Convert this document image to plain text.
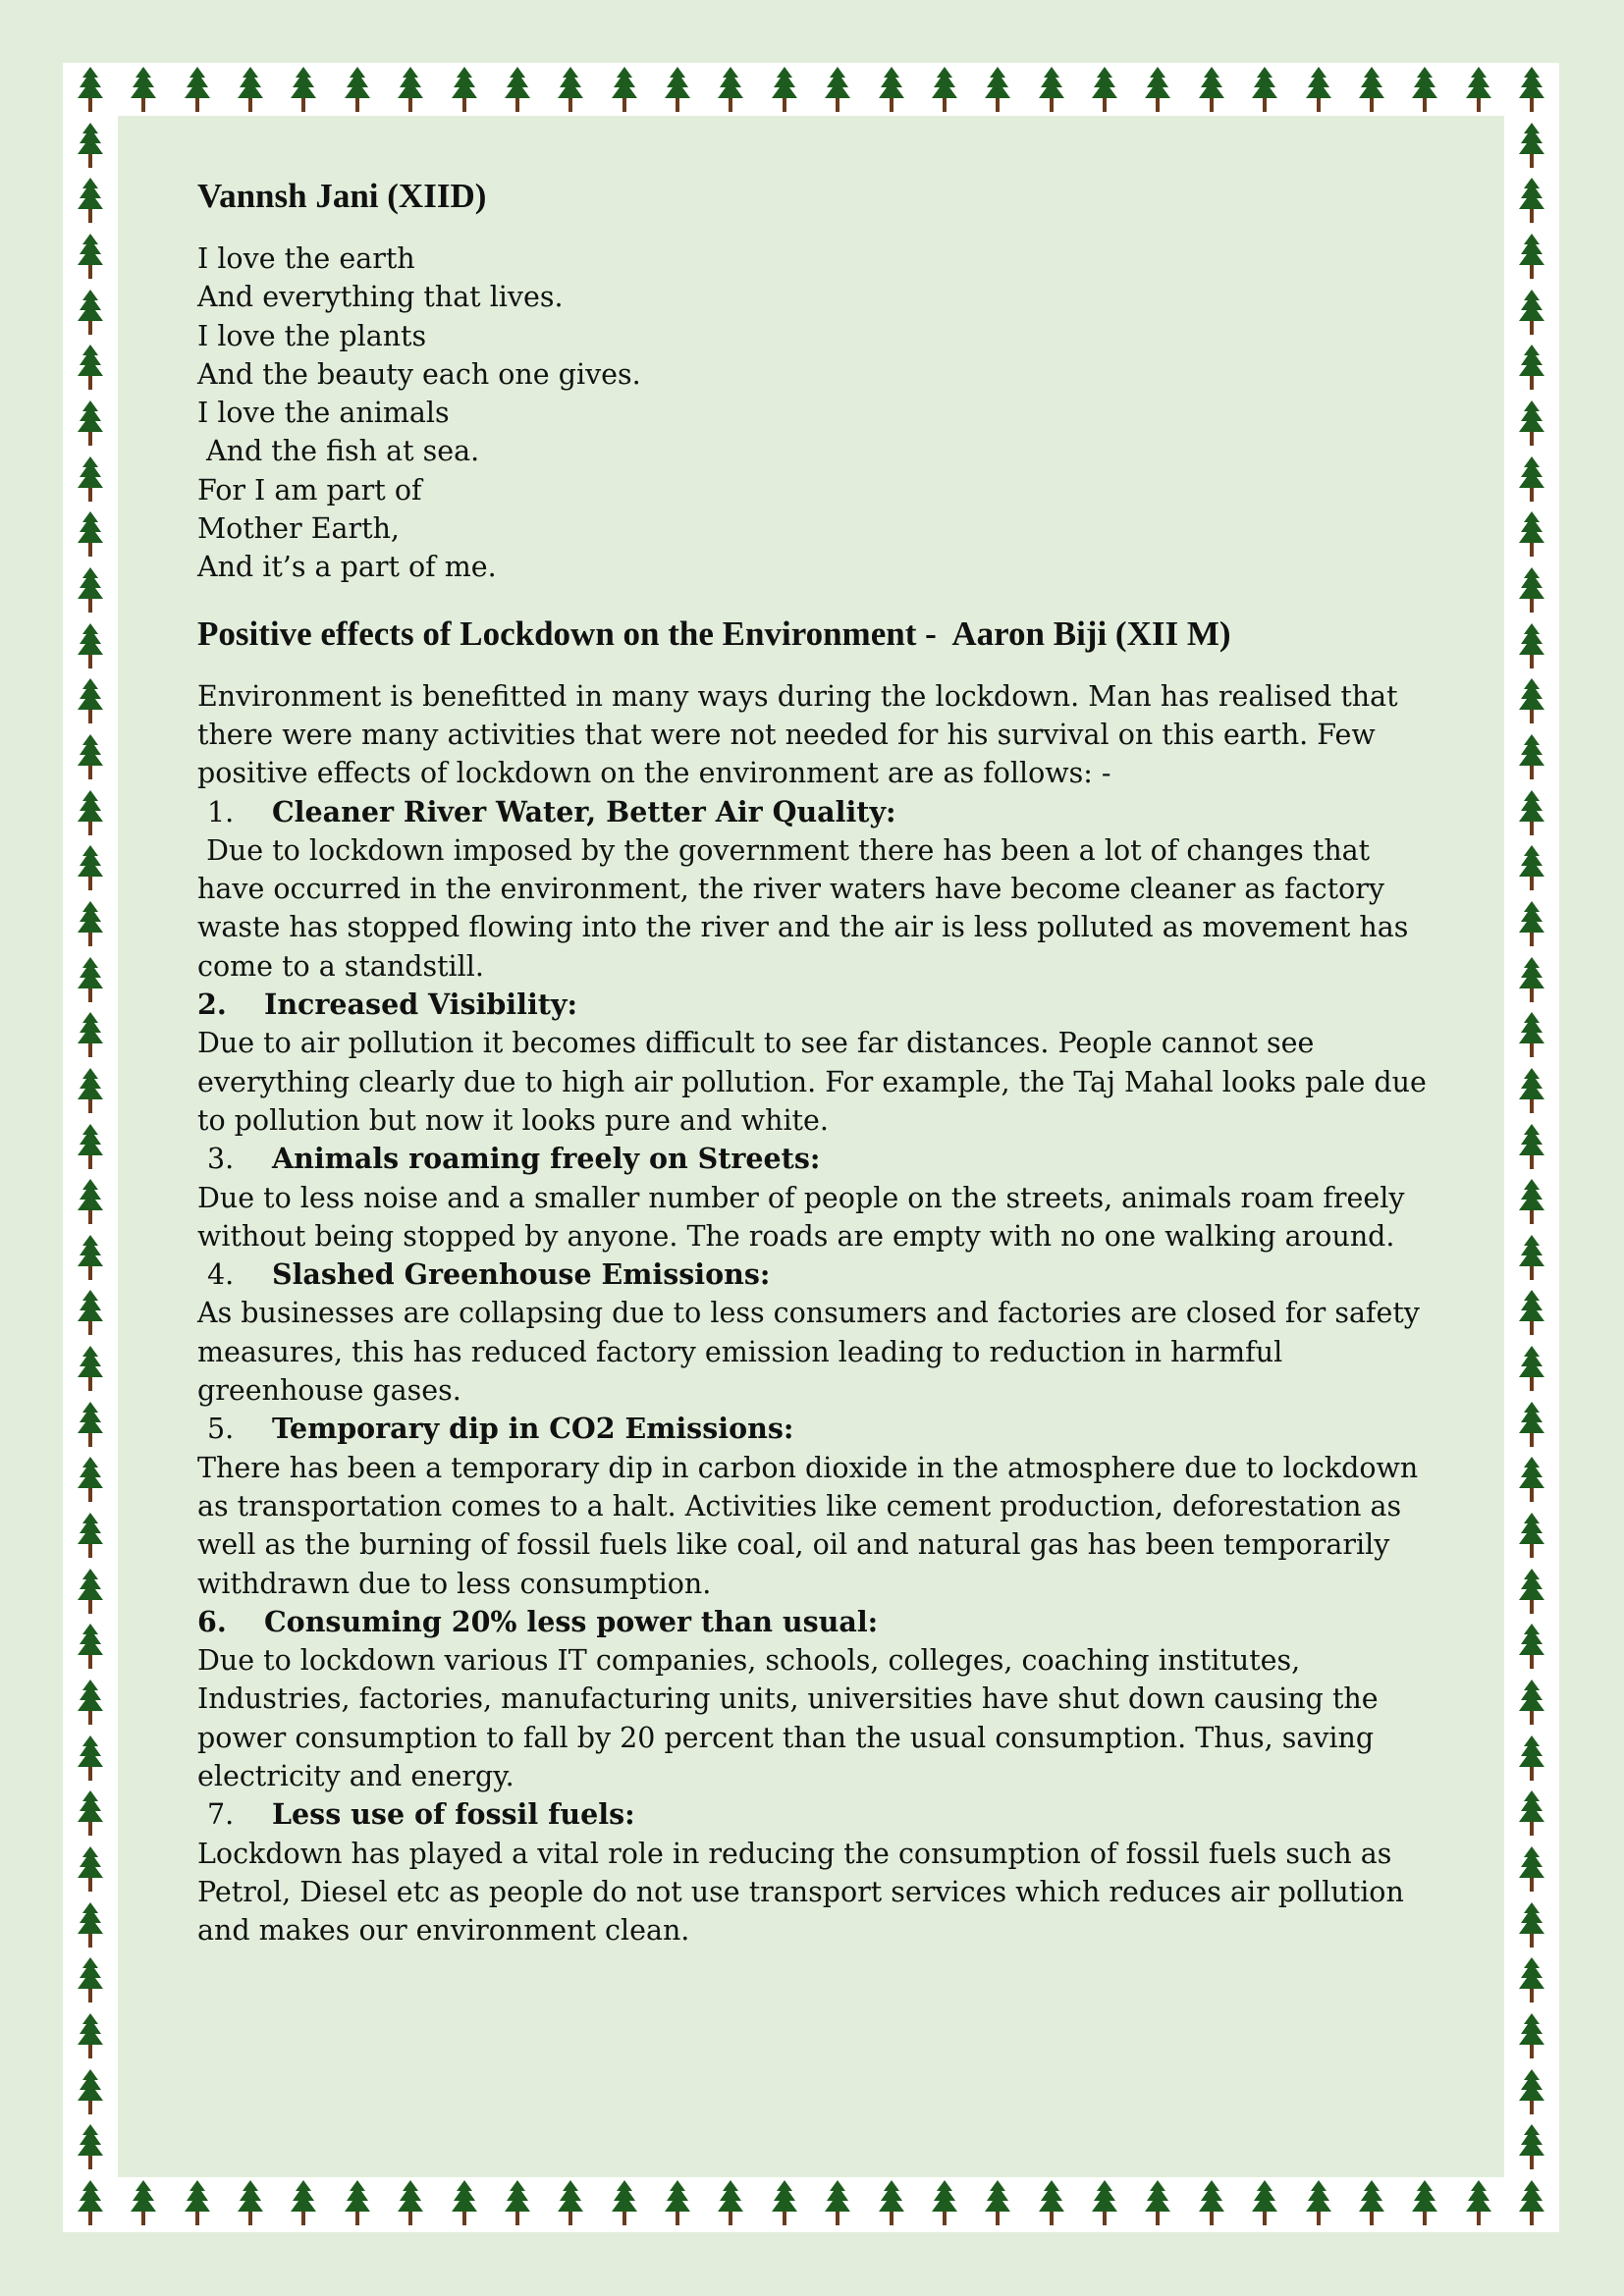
Vannsh Jani (XIID)
I love the earth
And everything that lives.
I love the plants
And the beauty each one gives.
I love the animals
And the fish at sea.
For I am part of
Mother Earth,
And it’s a part of me.
Positive effects of Lockdown on the Environment -  Aaron Biji (XII M)
Environment is benefitted in many ways during the lockdown. Man has realised that there were many activities that were not needed for his survival on this earth. Few positive effects of lockdown on the environment are as follows: -
1. Cleaner River Water, Better Air Quality:
Due to lockdown imposed by the government there has been a lot of changes that have occurred in the environment, the river waters have become cleaner as factory waste has stopped flowing into the river and the air is less polluted as movement has come to a standstill.
2. Increased Visibility:
Due to air pollution it becomes difficult to see far distances. People cannot see everything clearly due to high air pollution. For example, the Taj Mahal looks pale due to pollution but now it looks pure and white.
3. Animals roaming freely on Streets:
Due to less noise and a smaller number of people on the streets, animals roam freely without being stopped by anyone. The roads are empty with no one walking around.
4. Slashed Greenhouse Emissions:
As businesses are collapsing due to less consumers and factories are closed for safety measures, this has reduced factory emission leading to reduction in harmful greenhouse gases.
5. Temporary dip in CO2 Emissions:
There has been a temporary dip in carbon dioxide in the atmosphere due to lockdown as transportation comes to a halt. Activities like cement production, deforestation as well as the burning of fossil fuels like coal, oil and natural gas has been temporarily withdrawn due to less consumption.
6. Consuming 20% less power than usual:
Due to lockdown various IT companies, schools, colleges, coaching institutes, Industries, factories, manufacturing units, universities have shut down causing the power consumption to fall by 20 percent than the usual consumption. Thus, saving electricity and energy.
7. Less use of fossil fuels:
Lockdown has played a vital role in reducing the consumption of fossil fuels such as Petrol, Diesel etc as people do not use transport services which reduces air pollution and makes our environment clean.
